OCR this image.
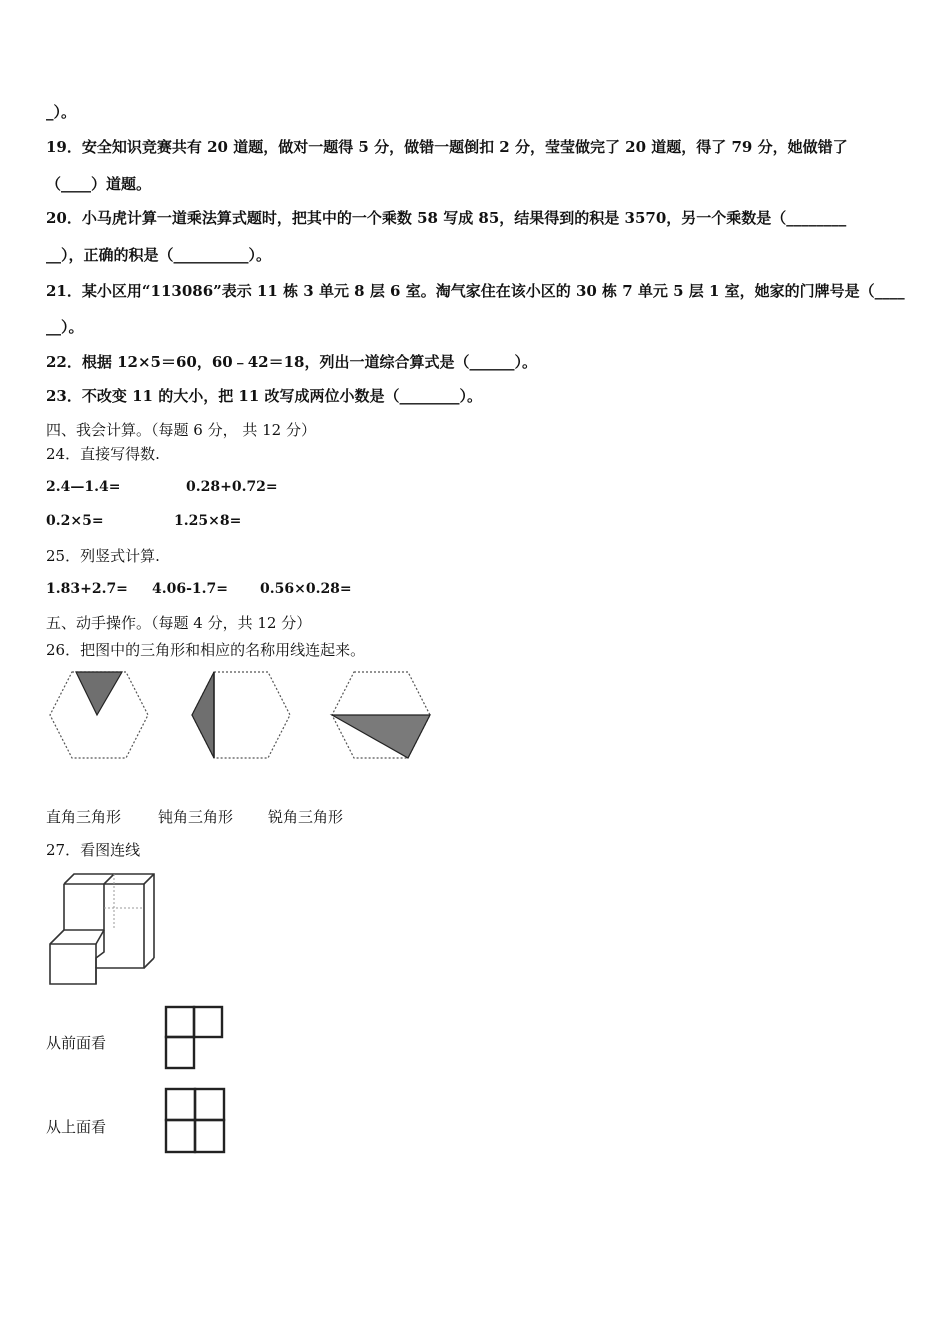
_）。
19．安全知识竞赛共有 20 道题，做对一题得 5 分，做错一题倒扣 2 分，莹莹做完了 20 道题，得了 79 分，她做错了
（____）道题。
20．小马虎计算一道乘法算式题时，把其中的一个乘数 58 写成 85，结果得到的积是 3570，另一个乘数是（________
__），正确的积是（__________）。
21．某小区用“113086”表示 11 栋 3 单元 8 层 6 室。淘气家住在该小区的 30 栋 7 单元 5 层 1 室，她家的门牌号是（____
__）。
22．根据 12×5＝60，60﹣42＝18，列出一道综合算式是（______）。
23．不改变 11 的大小，把 11 改写成两位小数是（________）。
四、我会计算。（每题 6 分， 共 12 分）
24．直接写得数.
2.4—1.4=	0.28+0.72=
0.2×5=	1.25×8=
25．列竖式计算.
1.83+2.7= 4.06-1.7= 0.56×0.28=
五、动手操作。（每题 4 分，共 12 分）
26．把图中的三角形和相应的名称用线连起来。
直角三角形 钝角三角形 锐角三角形
27．看图连线
从前面看
从上面看
